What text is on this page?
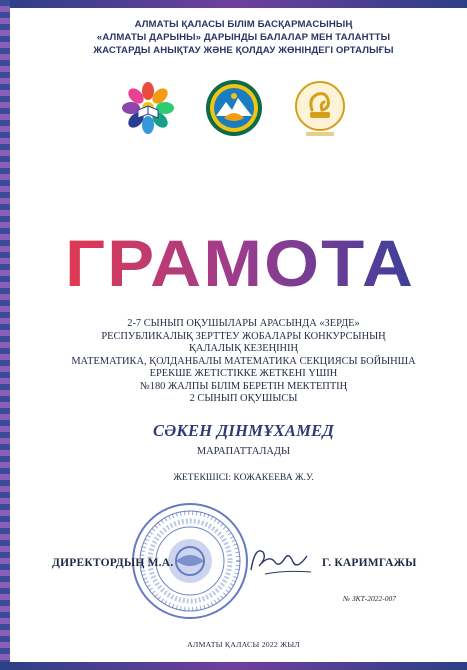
АЛМАТЫ ҚАЛАСЫ БІЛІМ БАСҚАРМАСЫНЫҢ
«АЛМАТЫ ДАРЫНЫ» ДАРЫНДЫ БАЛАЛАР МЕН ТАЛАНТТЫ
ЖАСТАРДЫ АНЫҚТАУ ЖӘНЕ ҚОЛДАУ ЖӨНІНДЕГІ ОРТАЛЫҒЫ
ГРАМОТА
2-7 СЫНЫП ОҚУШЫЛАРЫ АРАСЫНДА «ЗЕРДЕ»
РЕСПУБЛИКАЛЫҚ ЗЕРТТЕУ ЖОБАЛАРЫ КОНКУРСЫНЫҢ
ҚАЛАЛЫҚ КЕЗЕҢІНІҢ
МАТЕМАТИКА, ҚОЛДАНБАЛЫ МАТЕМАТИКА СЕКЦИЯСЫ БОЙЫНША
ЕРЕКШЕ ЖЕТІСТІККЕ ЖЕТКЕНІ ҮШІН
№180 ЖАЛПЫ БІЛІМ БЕРЕТІН МЕКТЕПТІҢ
2 СЫНЫП ОҚУШЫСЫ
СӘКЕН ДІНМҰХАМЕД
МАРАПАТТАЛАДЫ
ЖЕТЕКШІСІ: КОЖАКЕЕВА Ж.У.
ДИРЕКТОРДЫҢ М.А.	Г. КАРИМГАЖЫ
№ ЗКТ-2022-007
АЛМАТЫ ҚАЛАСЫ 2022 ЖЫЛ
